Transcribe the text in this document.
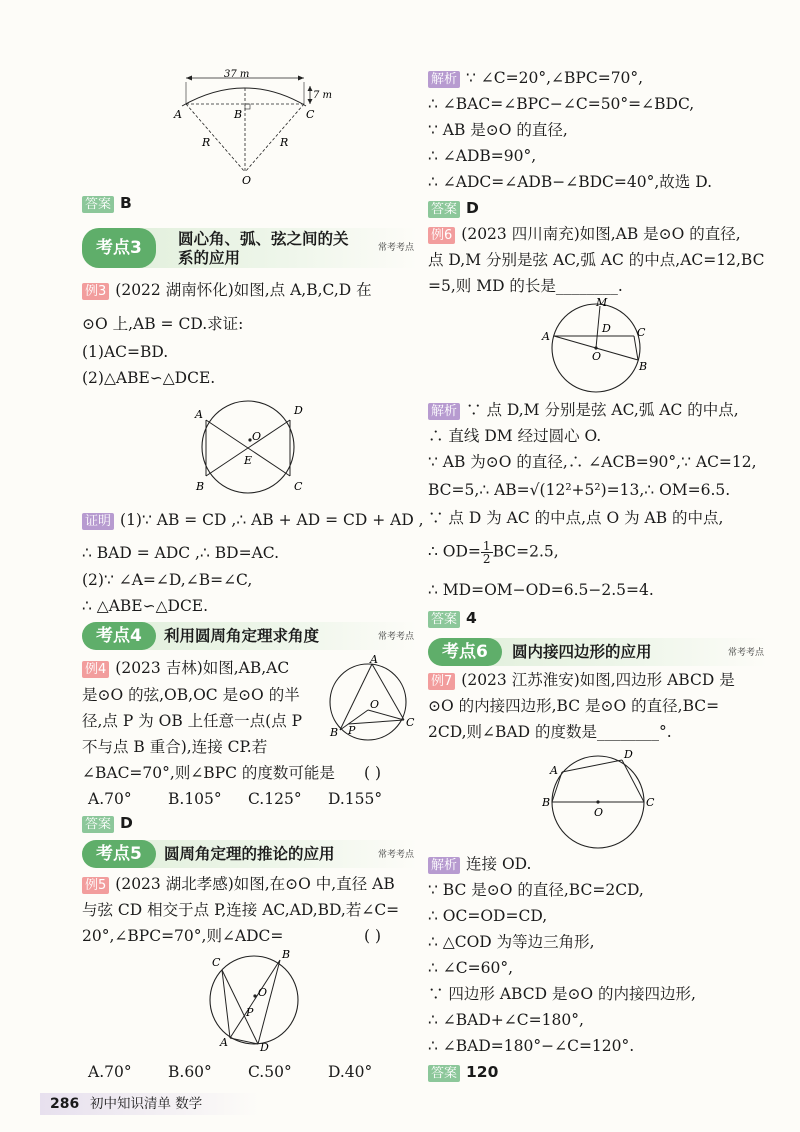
37 m
7 m
A	B	C
R	R
O
答案 B
考点3	圆心角、弧、弦之间的关
系的应用
常考考点
例3 (2022 湖南怀化)如图,点 A,B,C,D 在
⊙O 上,AB = CD.求证:
(1)AC=BD.
(2)△ABE∽△DCE.
A	D
O
E
B	C
证明 (1)∵ AB = CD ,∴ AB + AD = CD + AD ,
∴ BAD = ADC ,∴ BD=AC.
(2)∵ ∠A=∠D,∠B=∠C,
∴ △ABE∽△DCE.
考点4	利用圆周角定理求角度	常考考点
例4 (2023 吉林)如图,AB,AC
是⊙O 的弦,OB,OC 是⊙O 的半
径,点 P 为 OB 上任意一点(点 P
不与点 B 重合),连接 CP.若
∠BAC=70°,则∠BPC 的度数可能是 ( )
A.70° B.105° C.125° D.155°
A
O
P
B
C
答案 D
考点5	圆周角定理的推论的应用	常考考点
例5 (2023 湖北孝感)如图,在⊙O 中,直径 AB
与弦 CD 相交于点 P,连接 AC,AD,BD,若∠C=
20°,∠BPC=70°,则∠ADC=	( )
C
B
O
P
A	D
A.70° B.60° C.50° D.40°
解析 ∵ ∠C=20°,∠BPC=70°,
∴ ∠BAC=∠BPC−∠C=50°=∠BDC,
∵ AB 是⊙O 的直径,
∴ ∠ADB=90°,
∴ ∠ADC=∠ADB−∠BDC=40°,故选 D.
答案 D
例6 (2023 四川南充)如图,AB 是⊙O 的直径,
点 D,M 分别是弦 AC,弧 AC 的中点,AC=12,BC
=5,则 MD 的长是________.
M
D
A	C
O
B
解析 ∵ 点 D,M 分别是弦 AC,弧 AC 的中点,
∴ 直线 DM 经过圆心 O.
∵ AB 为⊙O 的直径,∴ ∠ACB=90°,∵ AC=12,
BC=5,∴ AB=√(12²+5²)=13,∴ OM=6.5.
∵ 点 D 为 AC 的中点,点 O 为 AB 的中点,
∴ $OD= \frac{1}{2} BC=2.5$,
∴ MD=OM−OD=6.5−2.5=4.
答案 4
考点6	圆内接四边形的应用	常考考点
例7 (2023 江苏淮安)如图,四边形 ABCD 是
⊙O 的内接四边形,BC 是⊙O 的直径,BC=
2CD,则∠BAD 的度数是________°.
A
D
B	C
O
解析 连接 OD.
∵ BC 是⊙O 的直径,BC=2CD,
∴ OC=OD=CD,
∴ △COD 为等边三角形,
∴ ∠C=60°,
∵ 四边形 ABCD 是⊙O 的内接四边形,
∴ ∠BAD+∠C=180°,
∴ ∠BAD=180°−∠C=120°.
答案 120
286 初中知识清单 数学
